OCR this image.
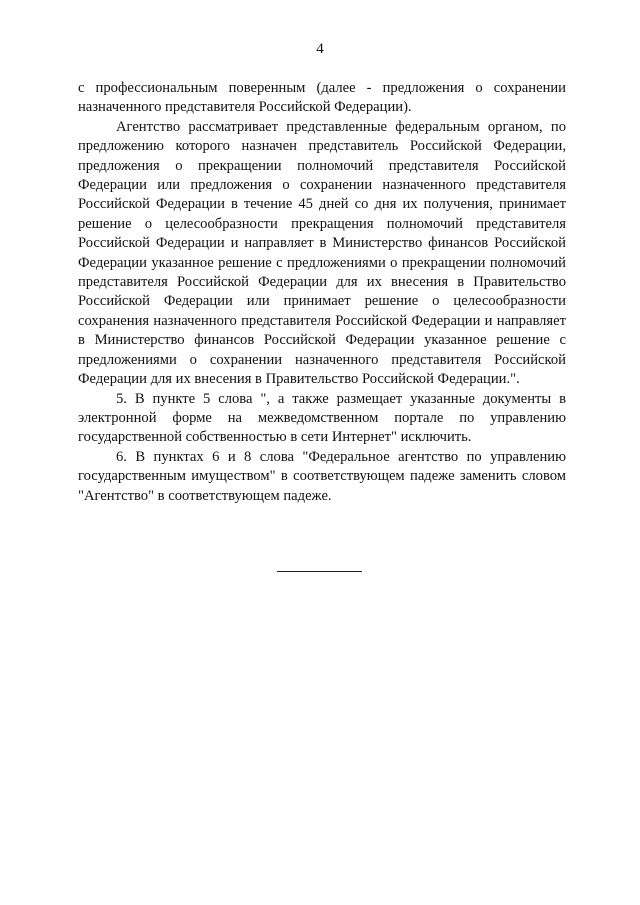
4

с профессиональным поверенным (далее - предложения о сохранении назначенного представителя Российской Федерации).

Агентство рассматривает представленные федеральным органом, по предложению которого назначен представитель Российской Федерации, предложения о прекращении полномочий представителя Российской Федерации или предложения о сохранении назначенного представителя Российской Федерации в течение 45 дней со дня их получения, принимает решение о целесообразности прекращения полномочий представителя Российской Федерации и направляет в Министерство финансов Российской Федерации указанное решение с предложениями о прекращении полномочий представителя Российской Федерации для их внесения в Правительство Российской Федерации или принимает решение о целесообразности сохранения назначенного представителя Российской Федерации и направляет в Министерство финансов Российской Федерации указанное решение с предложениями о сохранении назначенного представителя Российской Федерации для их внесения в Правительство Российской Федерации.".

5. В пункте 5 слова ", а также размещает указанные документы в электронной форме на межведомственном портале по управлению государственной собственностью в сети Интернет" исключить.

6. В пунктах 6 и 8 слова "Федеральное агентство по управлению государственным имуществом" в соответствующем падеже заменить словом "Агентство" в соответствующем падеже.
